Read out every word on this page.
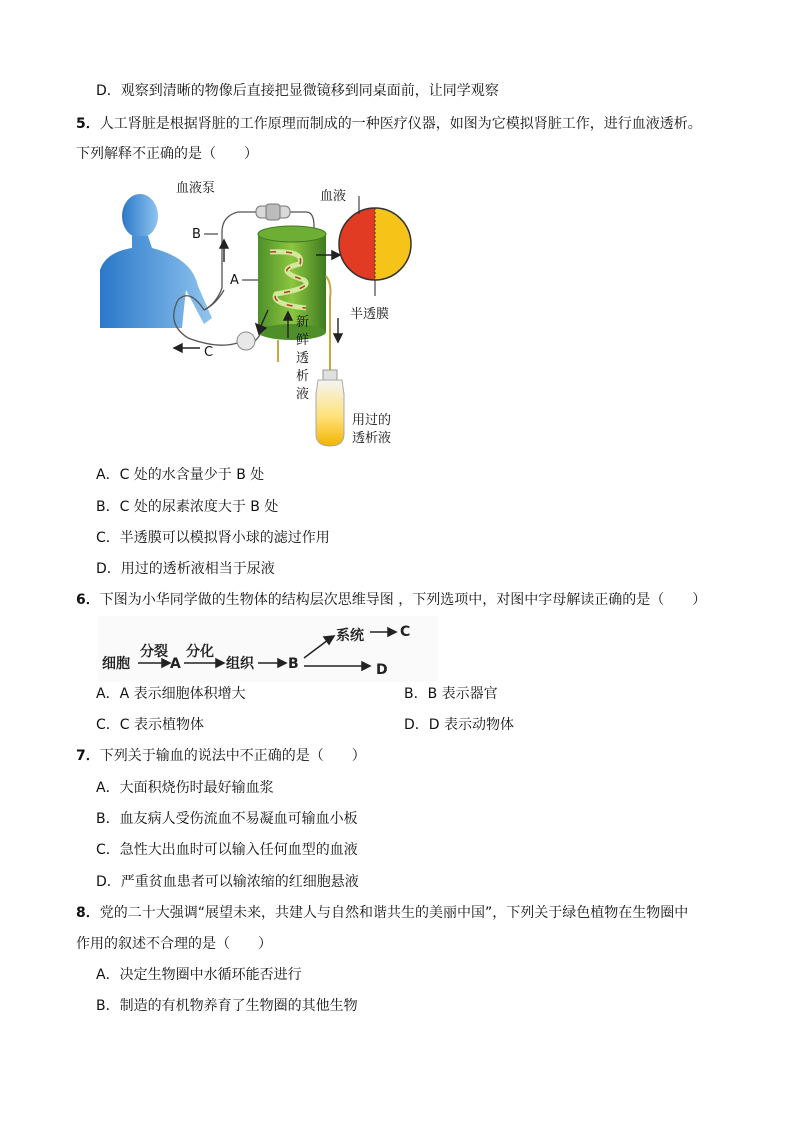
D．观察到清晰的物像后直接把显微镜移到同桌面前，让同学观察
5．人工肾脏是根据肾脏的工作原理而制成的一种医疗仪器，如图为它模拟肾脏工作，进行血液透析。
下列解释不正确的是（　　）
血液泵
血液
半透膜
B
A
C
新
鲜
透
析
液
用过的
透析液
A．C 处的水含量少于 B 处
B．C 处的尿素浓度大于 B 处
C．半透膜可以模拟肾小球的滤过作用
D．用过的透析液相当于尿液
6．下图为小华同学做的生物体的结构层次思维导图 ，下列选项中，对图中字母解读正确的是（　　）
细胞
分裂
A
分化
组织 B
系统	C
D
A．A 表示细胞体积增大	B．B 表示器官
C．C 表示植物体	D．D 表示动物体
7．下列关于输血的说法中不正确的是（　　）
A．大面积烧伤时最好输血浆
B．血友病人受伤流血不易凝血可输血小板
C．急性大出血时可以输入任何血型的血液
D．严重贫血患者可以输浓缩的红细胞悬液
8．党的二十大强调“展望未来，共建人与自然和谐共生的美丽中国”，下列关于绿色植物在生物圈中
作用的叙述不合理的是（　　）
A．决定生物圈中水循环能否进行
B．制造的有机物养育了生物圈的其他生物
